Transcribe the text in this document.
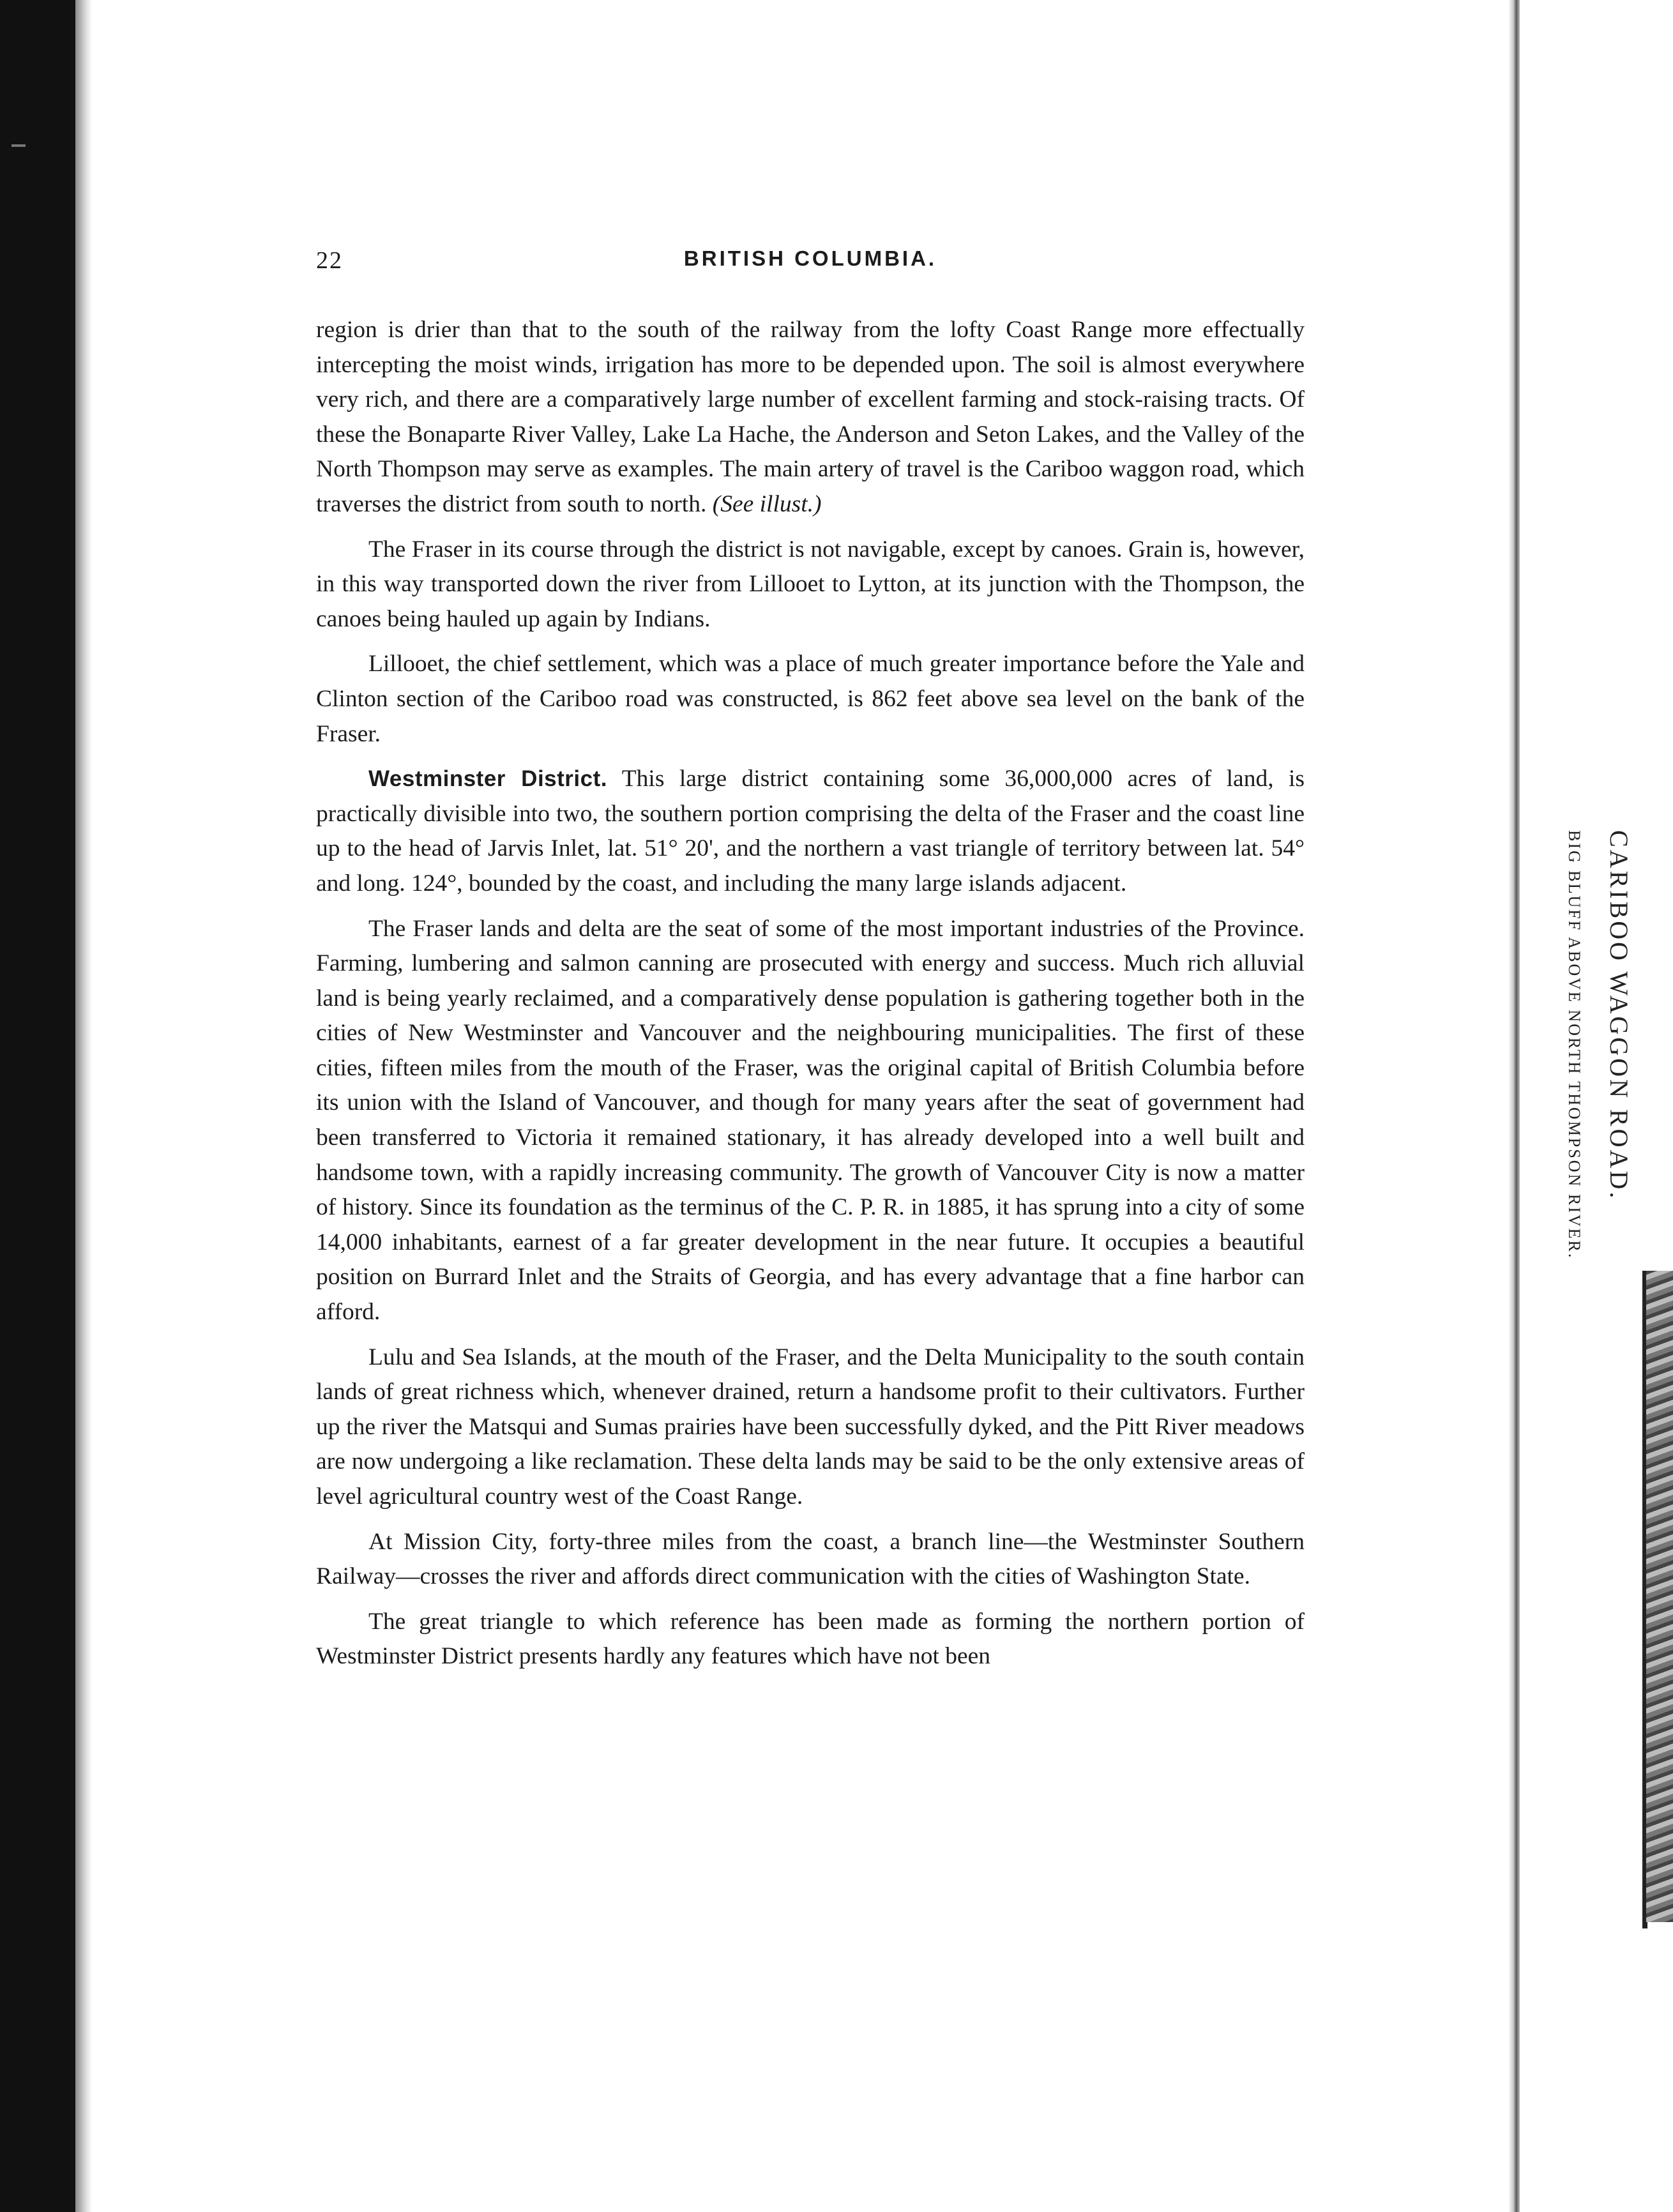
22	BRITISH COLUMBIA.

region is drier than that to the south of the railway from the lofty Coast Range more effectually intercepting the moist winds, irrigation has more to be depended upon. The soil is almost everywhere very rich, and there are a comparatively large number of excellent farming and stock-raising tracts. Of these the Bonaparte River Valley, Lake La Hache, the Anderson and Seton Lakes, and the Valley of the North Thompson may serve as examples. The main artery of travel is the Cariboo waggon road, which traverses the district from south to north. (See illust.)

The Fraser in its course through the district is not navigable, except by canoes. Grain is, however, in this way transported down the river from Lillooet to Lytton, at its junction with the Thompson, the canoes being hauled up again by Indians.

Lillooet, the chief settlement, which was a place of much greater importance before the Yale and Clinton section of the Cariboo road was constructed, is 862 feet above sea level on the bank of the Fraser.

Westminster District. This large district containing some 36,000,000 acres of land, is practically divisible into two, the southern portion comprising the delta of the Fraser and the coast line up to the head of Jarvis Inlet, lat. 51° 20', and the northern a vast triangle of territory between lat. 54° and long. 124°, bounded by the coast, and including the many large islands adjacent.

The Fraser lands and delta are the seat of some of the most important industries of the Province. Farming, lumbering and salmon canning are prosecuted with energy and success. Much rich alluvial land is being yearly reclaimed, and a comparatively dense population is gathering together both in the cities of New Westminster and Vancouver and the neighbouring municipalities. The first of these cities, fifteen miles from the mouth of the Fraser, was the original capital of British Columbia before its union with the Island of Vancouver, and though for many years after the seat of government had been transferred to Victoria it remained stationary, it has already developed into a well built and handsome town, with a rapidly increasing community. The growth of Vancouver City is now a matter of history. Since its foundation as the terminus of the C. P. R. in 1885, it has sprung into a city of some 14,000 inhabitants, earnest of a far greater development in the near future. It occupies a beautiful position on Burrard Inlet and the Straits of Georgia, and has every advantage that a fine harbor can afford.

Lulu and Sea Islands, at the mouth of the Fraser, and the Delta Municipality to the south contain lands of great richness which, whenever drained, return a handsome profit to their cultivators. Further up the river the Matsqui and Sumas prairies have been successfully dyked, and the Pitt River meadows are now undergoing a like reclamation. These delta lands may be said to be the only extensive areas of level agricultural country west of the Coast Range.

At Mission City, forty-three miles from the coast, a branch line—the Westminster Southern Railway—crosses the river and affords direct communication with the cities of Washington State.

The great triangle to which reference has been made as forming the northern portion of Westminster District presents hardly any features which have not been

CARIBOO WAGGON ROAD.
BIG BLUFF ABOVE NORTH THOMPSON RIVER.
